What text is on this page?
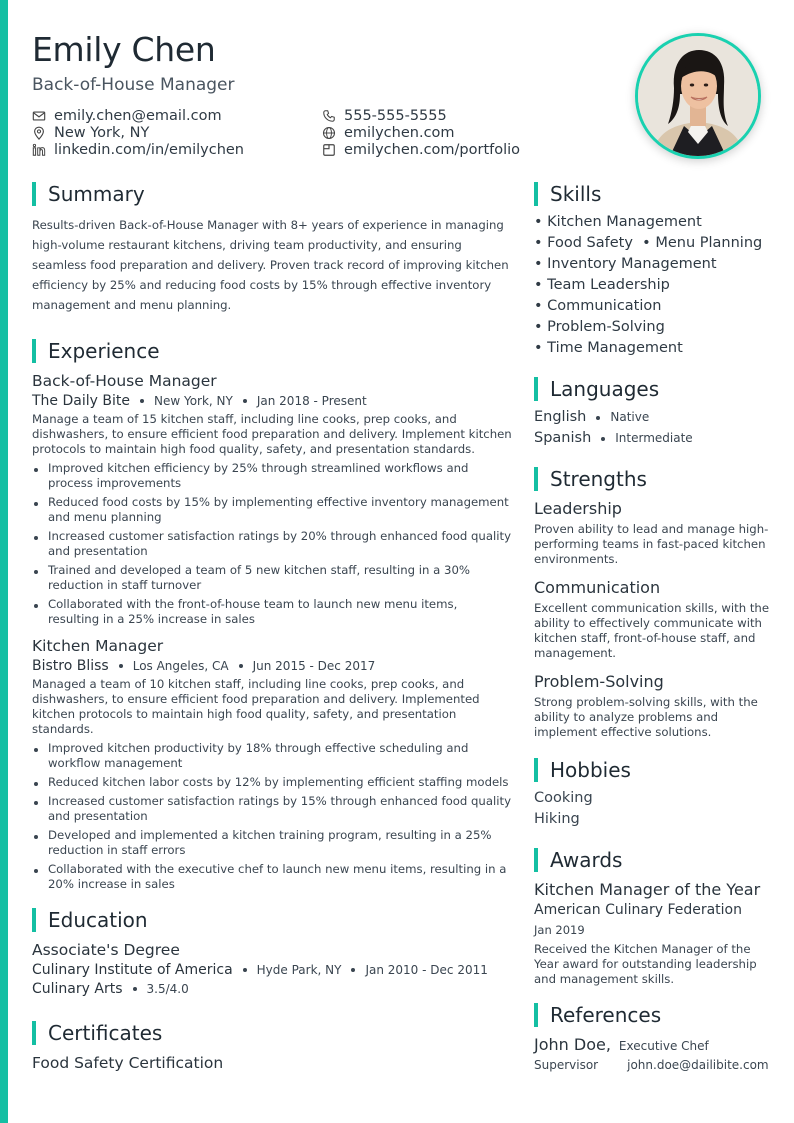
Emily Chen
Back-of-House Manager
emily.chen@email.com	555-555-5555
New York, NY	emilychen.com
linkedin.com/in/emilychen	emilychen.com/portfolio
Summary
Results-driven Back-of-House Manager with 8+ years of experience in managing high-volume restaurant kitchens, driving team productivity, and ensuring seamless food preparation and delivery. Proven track record of improving kitchen efficiency by 25% and reducing food costs by 15% through effective inventory management and menu planning.
Experience
Back-of-House Manager
The Daily Bite New York, NY Jan 2018 - Present
Manage a team of 15 kitchen staff, including line cooks, prep cooks, and dishwashers, to ensure efficient food preparation and delivery. Implement kitchen protocols to maintain high food quality, safety, and presentation standards.
Improved kitchen efficiency by 25% through streamlined workflows and process improvements
Reduced food costs by 15% by implementing effective inventory management and menu planning
Increased customer satisfaction ratings by 20% through enhanced food quality and presentation
Trained and developed a team of 5 new kitchen staff, resulting in a 30% reduction in staff turnover
Collaborated with the front-of-house team to launch new menu items, resulting in a 25% increase in sales
Kitchen Manager
Bistro Bliss Los Angeles, CA Jun 2015 - Dec 2017
Managed a team of 10 kitchen staff, including line cooks, prep cooks, and dishwashers, to ensure efficient food preparation and delivery. Implemented kitchen protocols to maintain high food quality, safety, and presentation standards.
Improved kitchen productivity by 18% through effective scheduling and workflow management
Reduced kitchen labor costs by 12% by implementing efficient staffing models
Increased customer satisfaction ratings by 15% through enhanced food quality and presentation
Developed and implemented a kitchen training program, resulting in a 25% reduction in staff errors
Collaborated with the executive chef to launch new menu items, resulting in a 20% increase in sales
Education
Associate's Degree
Culinary Institute of America Hyde Park, NY Jan 2010 - Dec 2011
Culinary Arts 3.5/4.0
Certificates
Food Safety Certification
Skills
• Kitchen Management
• Food Safety  • Menu Planning
• Inventory Management
• Team Leadership
• Communication
• Problem-Solving
• Time Management
Languages
English Native
Spanish Intermediate
Strengths
Leadership
Proven ability to lead and manage high-performing teams in fast-paced kitchen environments.
Communication
Excellent communication skills, with the ability to effectively communicate with kitchen staff, front-of-house staff, and management.
Problem-Solving
Strong problem-solving skills, with the ability to analyze problems and implement effective solutions.
Hobbies
Cooking
Hiking
Awards
Kitchen Manager of the Year
American Culinary Federation
Jan 2019
Received the Kitchen Manager of the Year award for outstanding leadership and management skills.
References
John Doe, Executive Chef
Supervisor john.doe@dailibite.com
